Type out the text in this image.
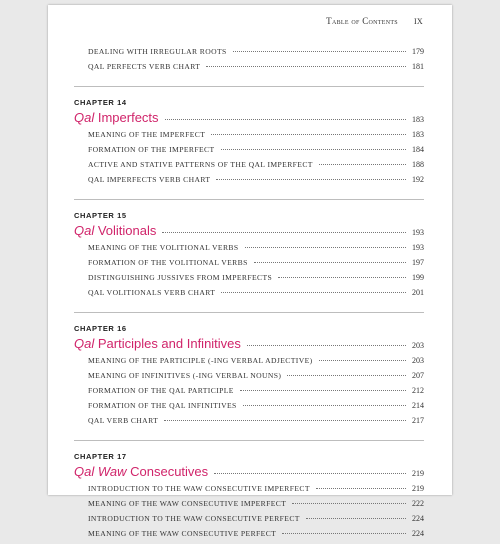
Table of Contents ix
DEALING WITH IRREGULAR ROOTS	179
QAL PERFECTS VERB CHART	181
CHAPTER 14
Qal Imperfects	183
MEANING OF THE IMPERFECT	183
FORMATION OF THE IMPERFECT	184
ACTIVE AND STATIVE PATTERNS OF THE QAL IMPERFECT	188
QAL IMPERFECTS VERB CHART	192
CHAPTER 15
Qal Volitionals	193
MEANING OF THE VOLITIONAL VERBS	193
FORMATION OF THE VOLITIONAL VERBS	197
DISTINGUISHING JUSSIVES FROM IMPERFECTS	199
QAL VOLITIONALS VERB CHART	201
CHAPTER 16
Qal Participles and Infinitives	203
MEANING OF THE PARTICIPLE (-ING VERBAL ADJECTIVE)	203
MEANING OF INFINITIVES (-ING VERBAL NOUNS)	207
FORMATION OF THE QAL PARTICIPLE	212
FORMATION OF THE QAL INFINITIVES	214
QAL VERB CHART	217
CHAPTER 17
Qal Waw Consecutives	219
INTRODUCTION TO THE WAW CONSECUTIVE IMPERFECT	219
MEANING OF THE WAW CONSECUTIVE IMPERFECT	222
INTRODUCTION TO THE WAW CONSECUTIVE PERFECT	224
MEANING OF THE WAW CONSECUTIVE PERFECT	224
